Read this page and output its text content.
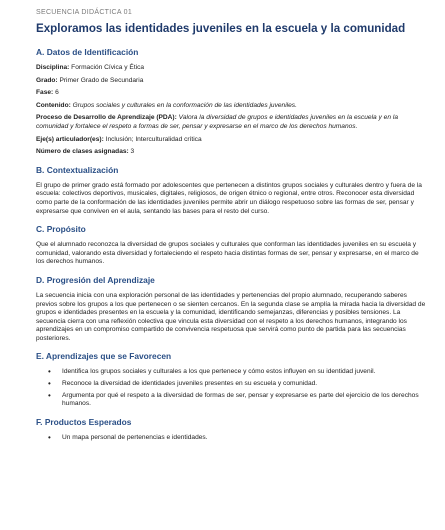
SECUENCIA DIDÁCTICA 01

Exploramos las identidades juveniles en la escuela y la comunidad
A. Datos de Identificación

Disciplina: Formación Cívica y Ética

Grado: Primer Grado de Secundaria

Fase: 6

Contenido: Grupos sociales y culturales en la conformación de las identidades juveniles.

Proceso de Desarrollo de Aprendizaje (PDA): Valora la diversidad de grupos e identidades juveniles en la escuela y en la comunidad y fortalece el respeto a formas de ser, pensar y expresarse en el marco de los derechos humanos.

Eje(s) articulador(es): Inclusión; Interculturalidad crítica

Número de clases asignadas: 3

B. Contextualización

El grupo de primer grado está formado por adolescentes que pertenecen a distintos grupos sociales y culturales dentro y fuera de la escuela: colectivos deportivos, musicales, digitales, religiosos, de origen étnico o regional, entre otros. Reconocer esta diversidad como parte de la conformación de las identidades juveniles permite abrir un diálogo respetuoso sobre las formas de ser, pensar y expresarse que conviven en el aula, sentando las bases para el resto del curso.

C. Propósito

Que el alumnado reconozca la diversidad de grupos sociales y culturales que conforman las identidades juveniles en su escuela y comunidad, valorando esta diversidad y fortaleciendo el respeto hacia distintas formas de ser, pensar y expresarse, en el marco de los derechos humanos.

D. Progresión del Aprendizaje

La secuencia inicia con una exploración personal de las identidades y pertenencias del propio alumnado, recuperando saberes previos sobre los grupos a los que pertenecen o se sienten cercanos. En la segunda clase se amplía la mirada hacia la diversidad de grupos e identidades presentes en la escuela y la comunidad, identificando semejanzas, diferencias y posibles tensiones. La secuencia cierra con una reflexión colectiva que vincula esta diversidad con el respeto a los derechos humanos, integrando los aprendizajes en un compromiso compartido de convivencia respetuosa que servirá como punto de partida para las secuencias posteriores.

E. Aprendizajes que se Favorecen
• Identifica los grupos sociales y culturales a los que pertenece y cómo estos influyen en su identidad juvenil.
• Reconoce la diversidad de identidades juveniles presentes en su escuela y comunidad.
• Argumenta por qué el respeto a la diversidad de formas de ser, pensar y expresarse es parte del ejercicio de los derechos humanos.
F. Productos Esperados
• Un mapa personal de pertenencias e identidades.
